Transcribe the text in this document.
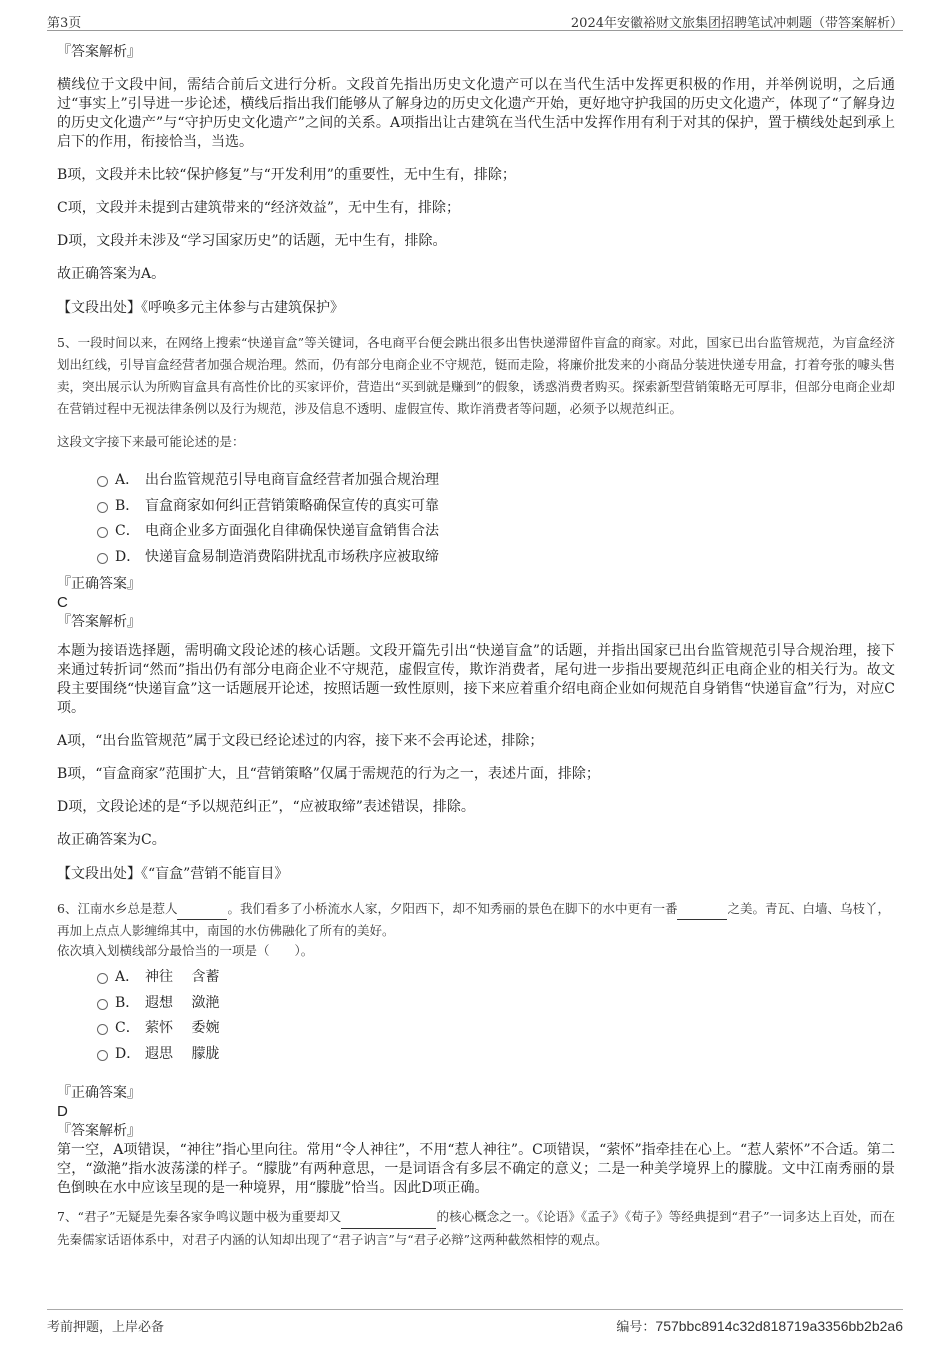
第3页	2024年安徽裕财文旅集团招聘笔试冲刺题（带答案解析）

『答案解析』

横线位于文段中间，需结合前后文进行分析。文段首先指出历史文化遗产可以在当代生活中发挥更积极的作用，并举例说明，之后通过“事实上”引导进一步论述，横线后指出我们能够从了解身边的历史文化遗产开始，更好地守护我国的历史文化遗产，体现了“了解身边的历史文化遗产”与“守护历史文化遗产”之间的关系。A项指出让古建筑在当代生活中发挥作用有利于对其的保护，置于横线处起到承上启下的作用，衔接恰当，当选。

B项，文段并未比较“保护修复”与“开发利用”的重要性，无中生有，排除；

C项，文段并未提到古建筑带来的“经济效益”，无中生有，排除；

D项，文段并未涉及“学习国家历史”的话题，无中生有，排除。

故正确答案为A。

【文段出处】《呼唤多元主体参与古建筑保护》

5、一段时间以来，在网络上搜索“快递盲盒”等关键词，各电商平台便会跳出很多出售快递滞留件盲盒的商家。对此，国家已出台监管规范，为盲盒经济划出红线，引导盲盒经营者加强合规治理。然而，仍有部分电商企业不守规范，铤而走险，将廉价批发来的小商品分装进快递专用盒，打着夸张的噱头售卖，突出展示认为所购盲盒具有高性价比的买家评价，营造出“买到就是赚到”的假象，诱惑消费者购买。探索新型营销策略无可厚非，但部分电商企业却在营销过程中无视法律条例以及行为规范，涉及信息不透明、虚假宣传、欺诈消费者等问题，必须予以规范纠正。

这段文字接下来最可能论述的是：

A． 出台监管规范引导电商盲盒经营者加强合规治理
B． 盲盒商家如何纠正营销策略确保宣传的真实可靠
C． 电商企业多方面强化自律确保快递盲盒销售合法
D． 快递盲盒易制造消费陷阱扰乱市场秩序应被取缔

『正确答案』

C

『答案解析』

本题为接语选择题，需明确文段论述的核心话题。文段开篇先引出“快递盲盒”的话题，并指出国家已出台监管规范引导合规治理，接下来通过转折词“然而”指出仍有部分电商企业不守规范，虚假宣传，欺诈消费者，尾句进一步指出要规范纠正电商企业的相关行为。故文段主要围绕“快递盲盒”这一话题展开论述，按照话题一致性原则，接下来应着重介绍电商企业如何规范自身销售“快递盲盒”行为，对应C项。

A项，“出台监管规范”属于文段已经论述过的内容，接下来不会再论述，排除；

B项，“盲盒商家”范围扩大，且“营销策略”仅属于需规范的行为之一，表述片面，排除；

D项，文段论述的是“予以规范纠正”，“应被取缔”表述错误，排除。

故正确答案为C。

【文段出处】《“盲盒”营销不能盲目》

6、江南水乡总是惹人	。我们看多了小桥流水人家，夕阳西下，却不知秀丽的景色在脚下的水中更有一番	之美。青瓦、白墙、乌枝丫，再加上点点人影缠绵其中，南国的水仿佛融化了所有的美好。

依次填入划横线部分最恰当的一项是（　　）。

A． 神往　 含蓄
B． 遐想　 潋滟
C． 萦怀　 委婉
D． 遐思　 朦胧

『正确答案』

D

『答案解析』

第一空，A项错误，“神往”指心里向往。常用“令人神往”，不用“惹人神往”。C项错误，“萦怀”指牵挂在心上。“惹人萦怀”不合适。第二空，“潋滟”指水波荡漾的样子。“朦胧”有两种意思，一是词语含有多层不确定的意义；二是一种美学境界上的朦胧。文中江南秀丽的景色倒映在水中应该呈现的是一种境界，用“朦胧”恰当。因此D项正确。

7、“君子”无疑是先秦各家争鸣议题中极为重要却又	的核心概念之一。《论语》《孟子》《荀子》等经典提到“君子”一词多达上百处，而在先秦儒家话语体系中，对君子内涵的认知却出现了“君子讷言”与“君子必辩”这两种截然相悖的观点。

考前押题，上岸必备	编号：757bbc8914c32d818719a3356bb2b2a6
